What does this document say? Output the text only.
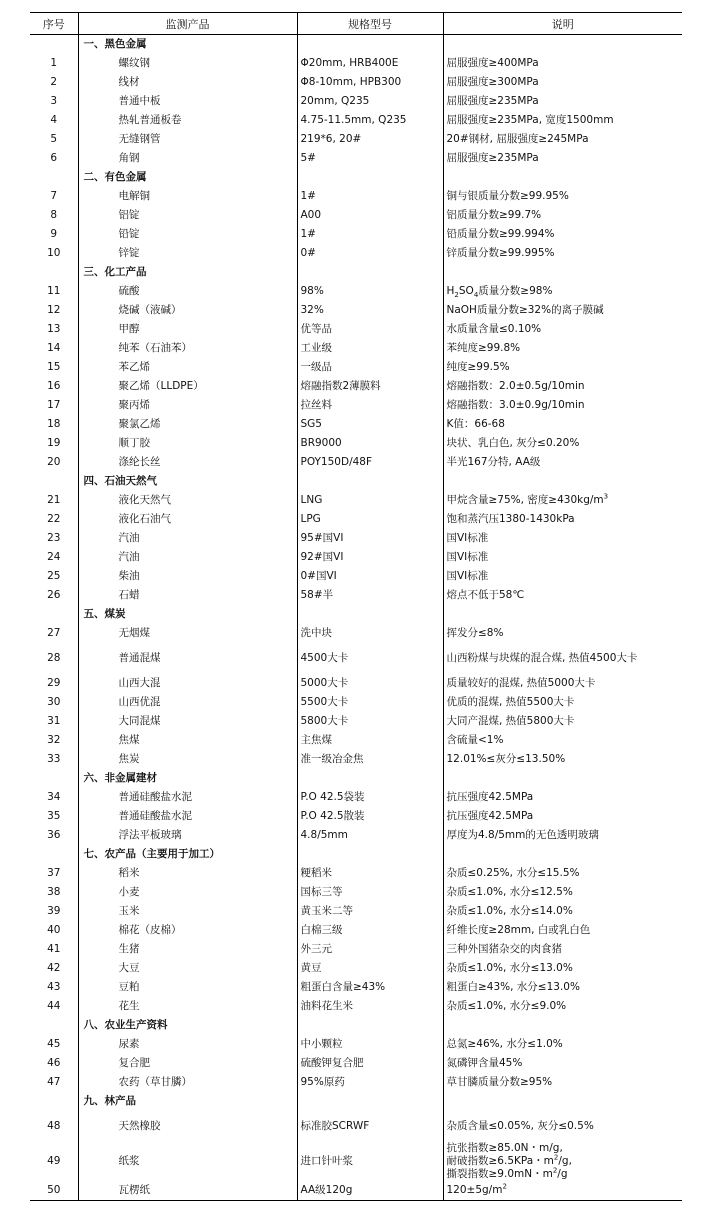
序号	监测产品	规格型号	说明
	一、黑色金属		
1	螺纹钢	Φ20mm, HRB400E	屈服强度≥400MPa
2	线材	Φ8-10mm, HPB300	屈服强度≥300MPa
3	普通中板	20mm, Q235	屈服强度≥235MPa
4	热轧普通板卷	4.75-11.5mm, Q235	屈服强度≥235MPa, 宽度1500mm
5	无缝钢管	219*6, 20#	20#钢材, 屈服强度≥245MPa
6	角钢	5#	屈服强度≥235MPa
	二、有色金属		
7	电解铜	1#	铜与银质量分数≥99.95%
8	铝锭	A00	铝质量分数≥99.7%
9	铅锭	1#	铅质量分数≥99.994%
10	锌锭	0#	锌质量分数≥99.995%
	三、化工产品		
11	硫酸	98%	$H_2SO_4$质量分数≥98%
12	烧碱（液碱）	32%	NaOH质量分数≥32%的离子膜碱
13	甲醇	优等品	水质量含量≤0.10%
14	纯苯（石油苯）	工业级	苯纯度≥99.8%
15	苯乙烯	一级品	纯度≥99.5%
16	聚乙烯（LLDPE）	熔融指数2薄膜料	熔融指数：2.0±0.5g/10min
17	聚丙烯	拉丝料	熔融指数：3.0±0.9g/10min
18	聚氯乙烯	SG5	K值：66-68
19	顺丁胶	BR9000	块状、乳白色, 灰分≤0.20%
20	涤纶长丝	POY150D/48F	半光167分特, AA级
	四、石油天然气		
21	液化天然气	LNG	甲烷含量≥75%, 密度$\ge 430kg/m^3$
22	液化石油气	LPG	饱和蒸汽压1380-1430kPa
23	汽油	95#国VI	国VI标准
24	汽油	92#国VI	国VI标准
25	柴油	0#国VI	国VI标准
26	石蜡	58#半	熔点不低于58℃
	五、煤炭		
27	无烟煤	洗中块	挥发分≤8%
28	普通混煤	4500大卡	山西粉煤与块煤的混合煤, 热值4500大卡
29	山西大混	5000大卡	质量较好的混煤, 热值5000大卡
30	山西优混	5500大卡	优质的混煤, 热值5500大卡
31	大同混煤	5800大卡	大同产混煤, 热值5800大卡
32	焦煤	主焦煤	含硫量<1%
33	焦炭	准一级冶金焦	12.01%≤灰分≤13.50%
	六、非金属建材		
34	普通硅酸盐水泥	P.O 42.5袋装	抗压强度42.5MPa
35	普通硅酸盐水泥	P.O 42.5散装	抗压强度42.5MPa
36	浮法平板玻璃	4.8/5mm	厚度为4.8/5mm的无色透明玻璃
	七、农产品（主要用于加工）		
37	稻米	粳稻米	杂质≤0.25%, 水分≤15.5%
38	小麦	国标三等	杂质≤1.0%, 水分≤12.5%
39	玉米	黄玉米二等	杂质≤1.0%, 水分≤14.0%
40	棉花（皮棉）	白棉三级	纤维长度≥28mm, 白或乳白色
41	生猪	外三元	三种外国猪杂交的肉食猪
42	大豆	黄豆	杂质≤1.0%, 水分≤13.0%
43	豆粕	粗蛋白含量≥43%	粗蛋白≥43%, 水分≤13.0%
44	花生	油料花生米	杂质≤1.0%, 水分≤9.0%
	八、农业生产资料		
45	尿素	中小颗粒	总氮≥46%, 水分≤1.0%
46	复合肥	硫酸钾复合肥	氮磷钾含量45%
47	农药（草甘膦）	95%原药	草甘膦质量分数≥95%
	九、林产品		
48	天然橡胶	标准胶SCRWF	杂质含量≤0.05%, 灰分≤0.5%
49	纸浆	进口针叶浆	抗张指数≥85.0N・m/g,
耐破指数≥6.5KPa・$m^2/g$,
撕裂指数≥9.0mN・$m^2/g$

50	瓦楞纸	AA级120g	$120\pm 5g/m^2$
